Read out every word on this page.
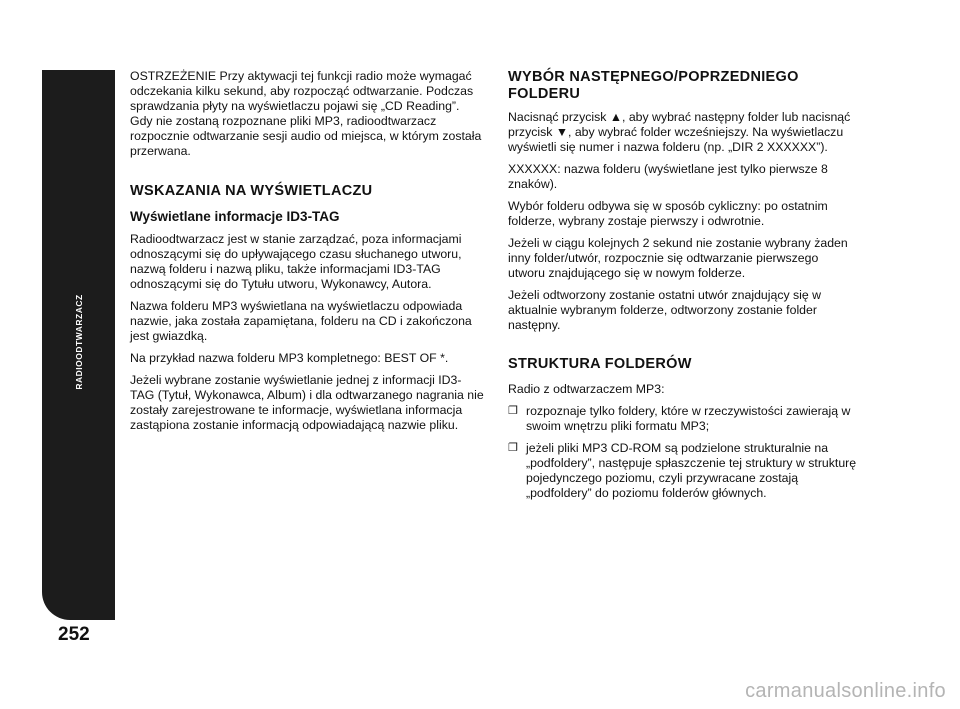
RADIOODTWARZACZ
252

OSTRZEŻENIE Przy aktywacji tej funkcji radio może wymagać odczekania kilku sekund, aby rozpocząć odtwarzanie. Podczas sprawdzania płyty na wyświetlaczu pojawi się „CD Reading”. Gdy nie zostaną rozpoznane pliki MP3, radioodtwarzacz rozpocznie odtwarzanie sesji audio od miejsca, w którym została przerwana.

WSKAZANIA NA WYŚWIETLACZU
Wyświetlane informacje ID3-TAG

Radioodtwarzacz jest w stanie zarządzać, poza informacjami odnoszącymi się do upływającego czasu słuchanego utworu, nazwą folderu i nazwą pliku, także informacjami ID3-TAG odnoszącymi się do Tytułu utworu, Wykonawcy, Autora.

Nazwa folderu MP3 wyświetlana na wyświetlaczu odpowiada nazwie, jaka została zapamiętana, folderu na CD i zakończona jest gwiazdką.

Na przykład nazwa folderu MP3 kompletnego: BEST OF *.

Jeżeli wybrane zostanie wyświetlanie jednej z informacji ID3-TAG (Tytuł, Wykonawca, Album) i dla odtwarzanego nagrania nie zostały zarejestrowane te informacje, wyświetlana informacja zastąpiona zostanie informacją odpowiadającą nazwie pliku.

WYBÓR NASTĘPNEGO/POPRZEDNIEGO FOLDERU

Nacisnąć przycisk ▲, aby wybrać następny folder lub nacisnąć przycisk ▼, aby wybrać folder wcześniejszy. Na wyświetlaczu wyświetli się numer i nazwa folderu (np. „DIR 2 XXXXXX”).

XXXXXX: nazwa folderu (wyświetlane jest tylko pierwsze 8 znaków).

Wybór folderu odbywa się w sposób cykliczny: po ostatnim folderze, wybrany zostaje pierwszy i odwrotnie.

Jeżeli w ciągu kolejnych 2 sekund nie zostanie wybrany żaden inny folder/utwór, rozpocznie się odtwarzanie pierwszego utworu znajdującego się w nowym folderze.

Jeżeli odtworzony zostanie ostatni utwór znajdujący się w aktualnie wybranym folderze, odtworzony zostanie folder następny.

STRUKTURA FOLDERÓW

Radio z odtwarzaczem MP3:

❐ rozpoznaje tylko foldery, które w rzeczywistości zawierają w swoim wnętrzu pliki formatu MP3;
❐ jeżeli pliki MP3 CD-ROM są podzielone strukturalnie na „podfoldery”, następuje spłaszczenie tej struktury w strukturę pojedynczego poziomu, czyli przywracane zostają „podfoldery” do poziomu folderów głównych.
carmanualsonline.info
